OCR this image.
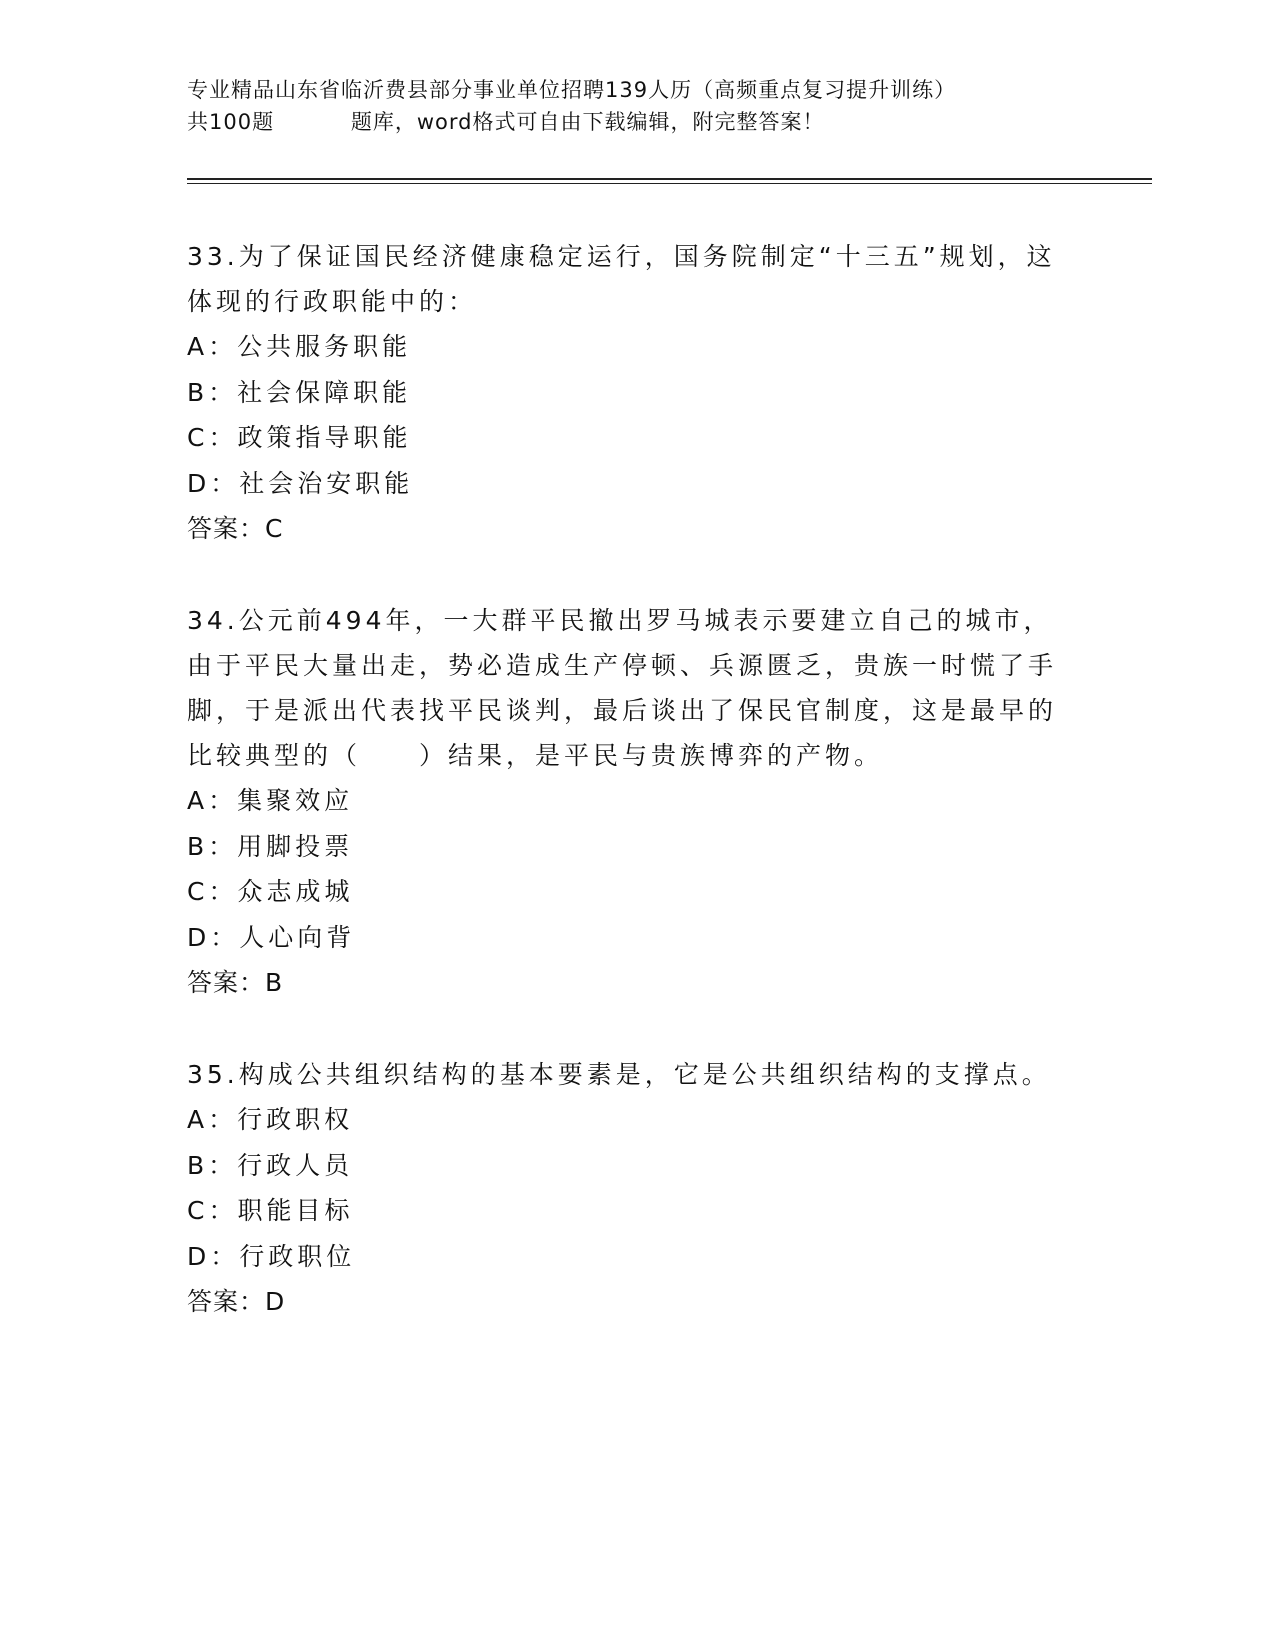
专业精品山东省临沂费县部分事业单位招聘139人历（高频重点复习提升训练）
共100题          题库，word格式可自由下载编辑，附完整答案！

33.为了保证国民经济健康稳定运行，国务院制定“十三五”规划，这体现的行政职能中的：

A：公共服务职能

B：社会保障职能

C：政策指导职能

D：社会治安职能

答案：C

34.公元前494年，一大群平民撤出罗马城表示要建立自己的城市，由于平民大量出走，势必造成生产停顿、兵源匮乏，贵族一时慌了手脚，于是派出代表找平民谈判，最后谈出了保民官制度，这是最早的比较典型的（　　）结果，是平民与贵族博弈的产物。

A：集聚效应

B：用脚投票

C：众志成城

D：人心向背

答案：B

35.构成公共组织结构的基本要素是，它是公共组织结构的支撑点。

A：行政职权

B：行政人员

C：职能目标

D：行政职位

答案：D
